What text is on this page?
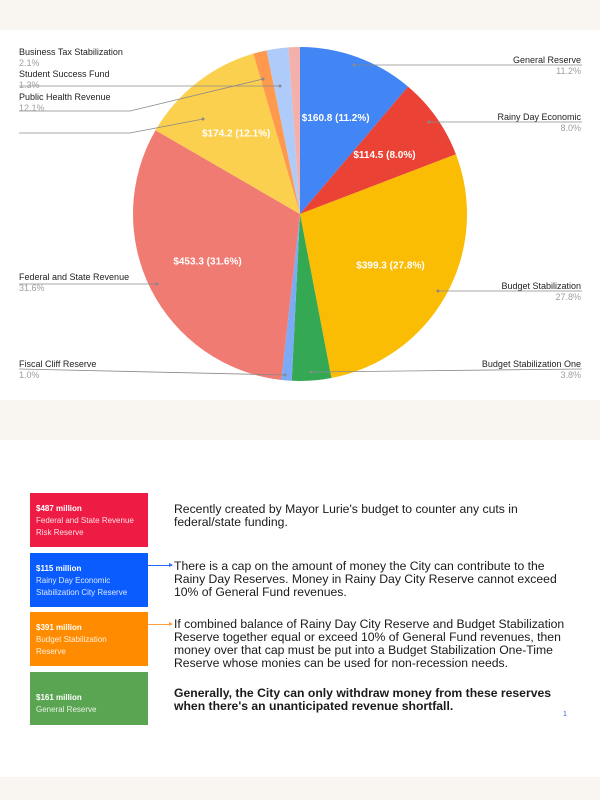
$160.8 (11.2%)
$114.5 (8.0%)
$399.3 (27.8%)
$453.3 (31.6%)
$174.2 (12.1%)
Business Tax Stabilization
2.1%
Student Success Fund
1.3%
Public Health Revenue
12.1%
Federal and State Revenue
31.6%
Fiscal Cliff Reserve
1.0%
General Reserve
11.2%
Rainy Day Economic
8.0%
Budget Stabilization
27.8%
Budget Stabilization One
3.8%
$487 million
Federal and State Revenue
Risk Reserve
$115 million
Rainy Day Economic
Stabilization City Reserve
$391 million
Budget Stabilization
Reserve
$161 million
General Reserve
Recently created by Mayor Lurie's budget to counter any cuts in federal/state funding.
There is a cap on the amount of money the City can contribute to the Rainy Day Reserves. Money in Rainy Day City Reserve cannot exceed 10% of General Fund revenues.
If combined balance of Rainy Day City Reserve and Budget Stabilization Reserve together equal or exceed 10% of General Fund revenues, then money over that cap must be put into a Budget Stabilization One-Time Reserve whose monies can be used for non-recession needs.
Generally, the City can only withdraw money from these reserves when there's an unanticipated revenue shortfall.
1
